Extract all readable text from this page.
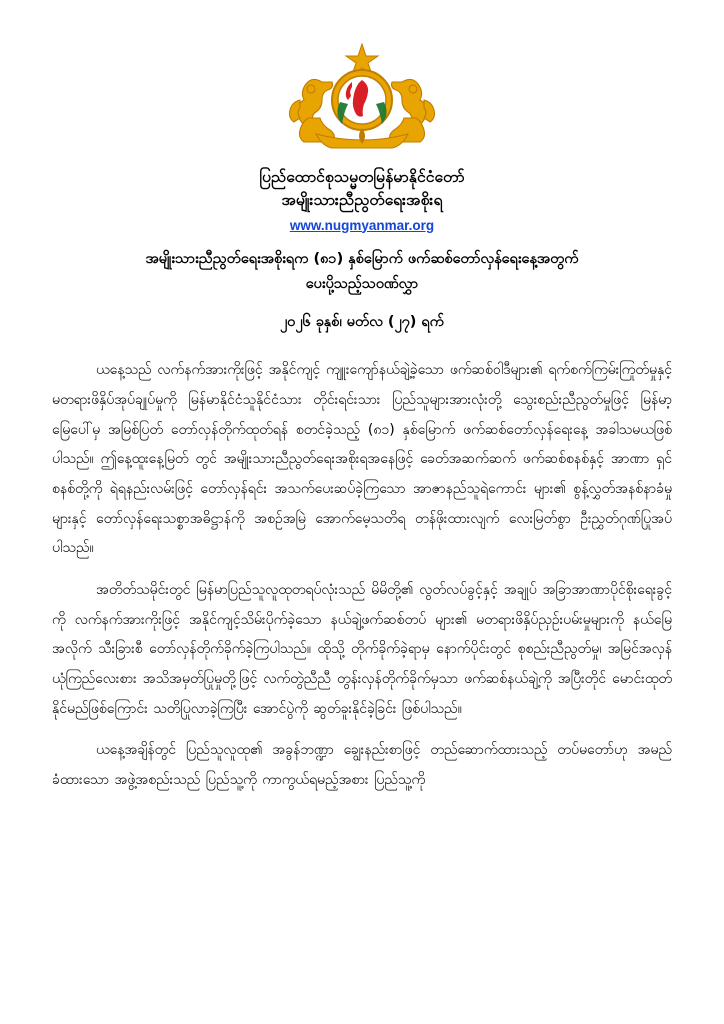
ပြည်ထောင်စုသမ္မတမြန်မာနိုင်ငံတော်
အမျိုးသားညီညွတ်ရေးအစိုးရ
www.nugmyanmar.org
အမျိုးသားညီညွတ်ရေးအစိုးရက (၈၁) နှစ်မြောက် ဖက်ဆစ်တော်လှန်ရေးနေ့အတွက်
ပေးပို့သည့်သဝဏ်လွှာ
၂၀၂၆ ခုနှစ်၊ မတ်လ (၂၇) ရက်

ယနေ့သည် လက်နက်အားကိုးဖြင့် အနိုင်ကျင့် ကျူးကျော်နယ်ချဲ့ခဲ့သော ဖက်ဆစ်ဝါဒီများ၏ ရက်စက်ကြမ်းကြုတ်မှုနှင့် မတရားဖိနှိပ်အုပ်ချုပ်မှုကို မြန်မာနိုင်ငံသူနိုင်ငံသား တိုင်းရင်းသား ပြည်သူများအားလုံးတို့ သွေးစည်းညီညွတ်မှုဖြင့် မြန်မာ့မြေပေါ်မှ အမြစ်ပြတ် တော်လှန်တိုက်ထုတ်ရန် စတင်ခဲ့သည့် (၈၁) နှစ်မြောက် ဖက်ဆစ်တော်လှန်ရေးနေ့ အခါသမယဖြစ်ပါသည်။ ဤနေ့ထူးနေ့မြတ် တွင် အမျိုးသားညီညွတ်ရေးအစိုးရအနေဖြင့် ခေတ်အဆက်ဆက် ဖက်ဆစ်စနစ်နှင့် အာဏာ ရှင်စနစ်တို့ကို ရဲရနည်းလမ်းဖြင့် တော်လှန်ရင်း အသက်ပေးဆပ်ခဲ့ကြသော အာဇာနည်သူရဲကောင်း များ၏ စွန့်လွှတ်အနစ်နာခံမှုများနှင့် တော်လှန်ရေးသစ္စာအဓိဋ္ဌာန်ကို အစဉ်အမြဲ အောက်မေ့သတိရ တန်ဖိုးထားလျက် လေးမြတ်စွာ ဦးညွှတ်ဂုဏ်ပြုအပ်ပါသည်။

အတိတ်သမိုင်းတွင် မြန်မာပြည်သူလူထုတရပ်လုံးသည် မိမိတို့၏ လွတ်လပ်ခွင့်နှင့် အချုပ် အခြာအာဏာပိုင်စိုးရေးခွင့်ကို လက်နက်အားကိုးဖြင့် အနိုင်ကျင့်သိမ်းပိုက်ခဲ့သော နယ်ချဲ့ဖက်ဆစ်တပ် များ၏ မတရားဖိနှိပ်ညှဉ်းပမ်းမှုများကို နယ်မြေအလိုက် သီးခြားစီ တော်လှန်တိုက်ခိုက်ခဲ့ကြပါသည်။ ထိုသို့ တိုက်ခိုက်ခဲ့ရာမှ နောက်ပိုင်းတွင် စုစည်းညီညွတ်မှု၊ အမြင်အလှန်ယုံကြည်လေးစား အသိအမှတ်ပြုမှုတို့ဖြင့် လက်တွဲညီညီ တွန်းလှန်တိုက်ခိုက်မှသာ ဖက်ဆစ်နယ်ချဲ့ကို အပြီးတိုင် မောင်းထုတ်နိုင်မည်ဖြစ်ကြောင်း သတိပြုလာခဲ့ကြပြီး အောင်ပွဲကို ဆွတ်ခူးနိုင်ခဲ့ခြင်း ဖြစ်ပါသည်။

ယနေ့အချိန်တွင် ပြည်သူလူထု၏ အခွန်ဘဏ္ဍာ ချွေးနည်းစာဖြင့် တည်ဆောက်ထားသည့် တပ်မတော်ဟု အမည်ခံထားသော အဖွဲ့အစည်းသည် ပြည်သူ့ကို ကာကွယ်ရမည့်အစား ပြည်သူ့ကို
